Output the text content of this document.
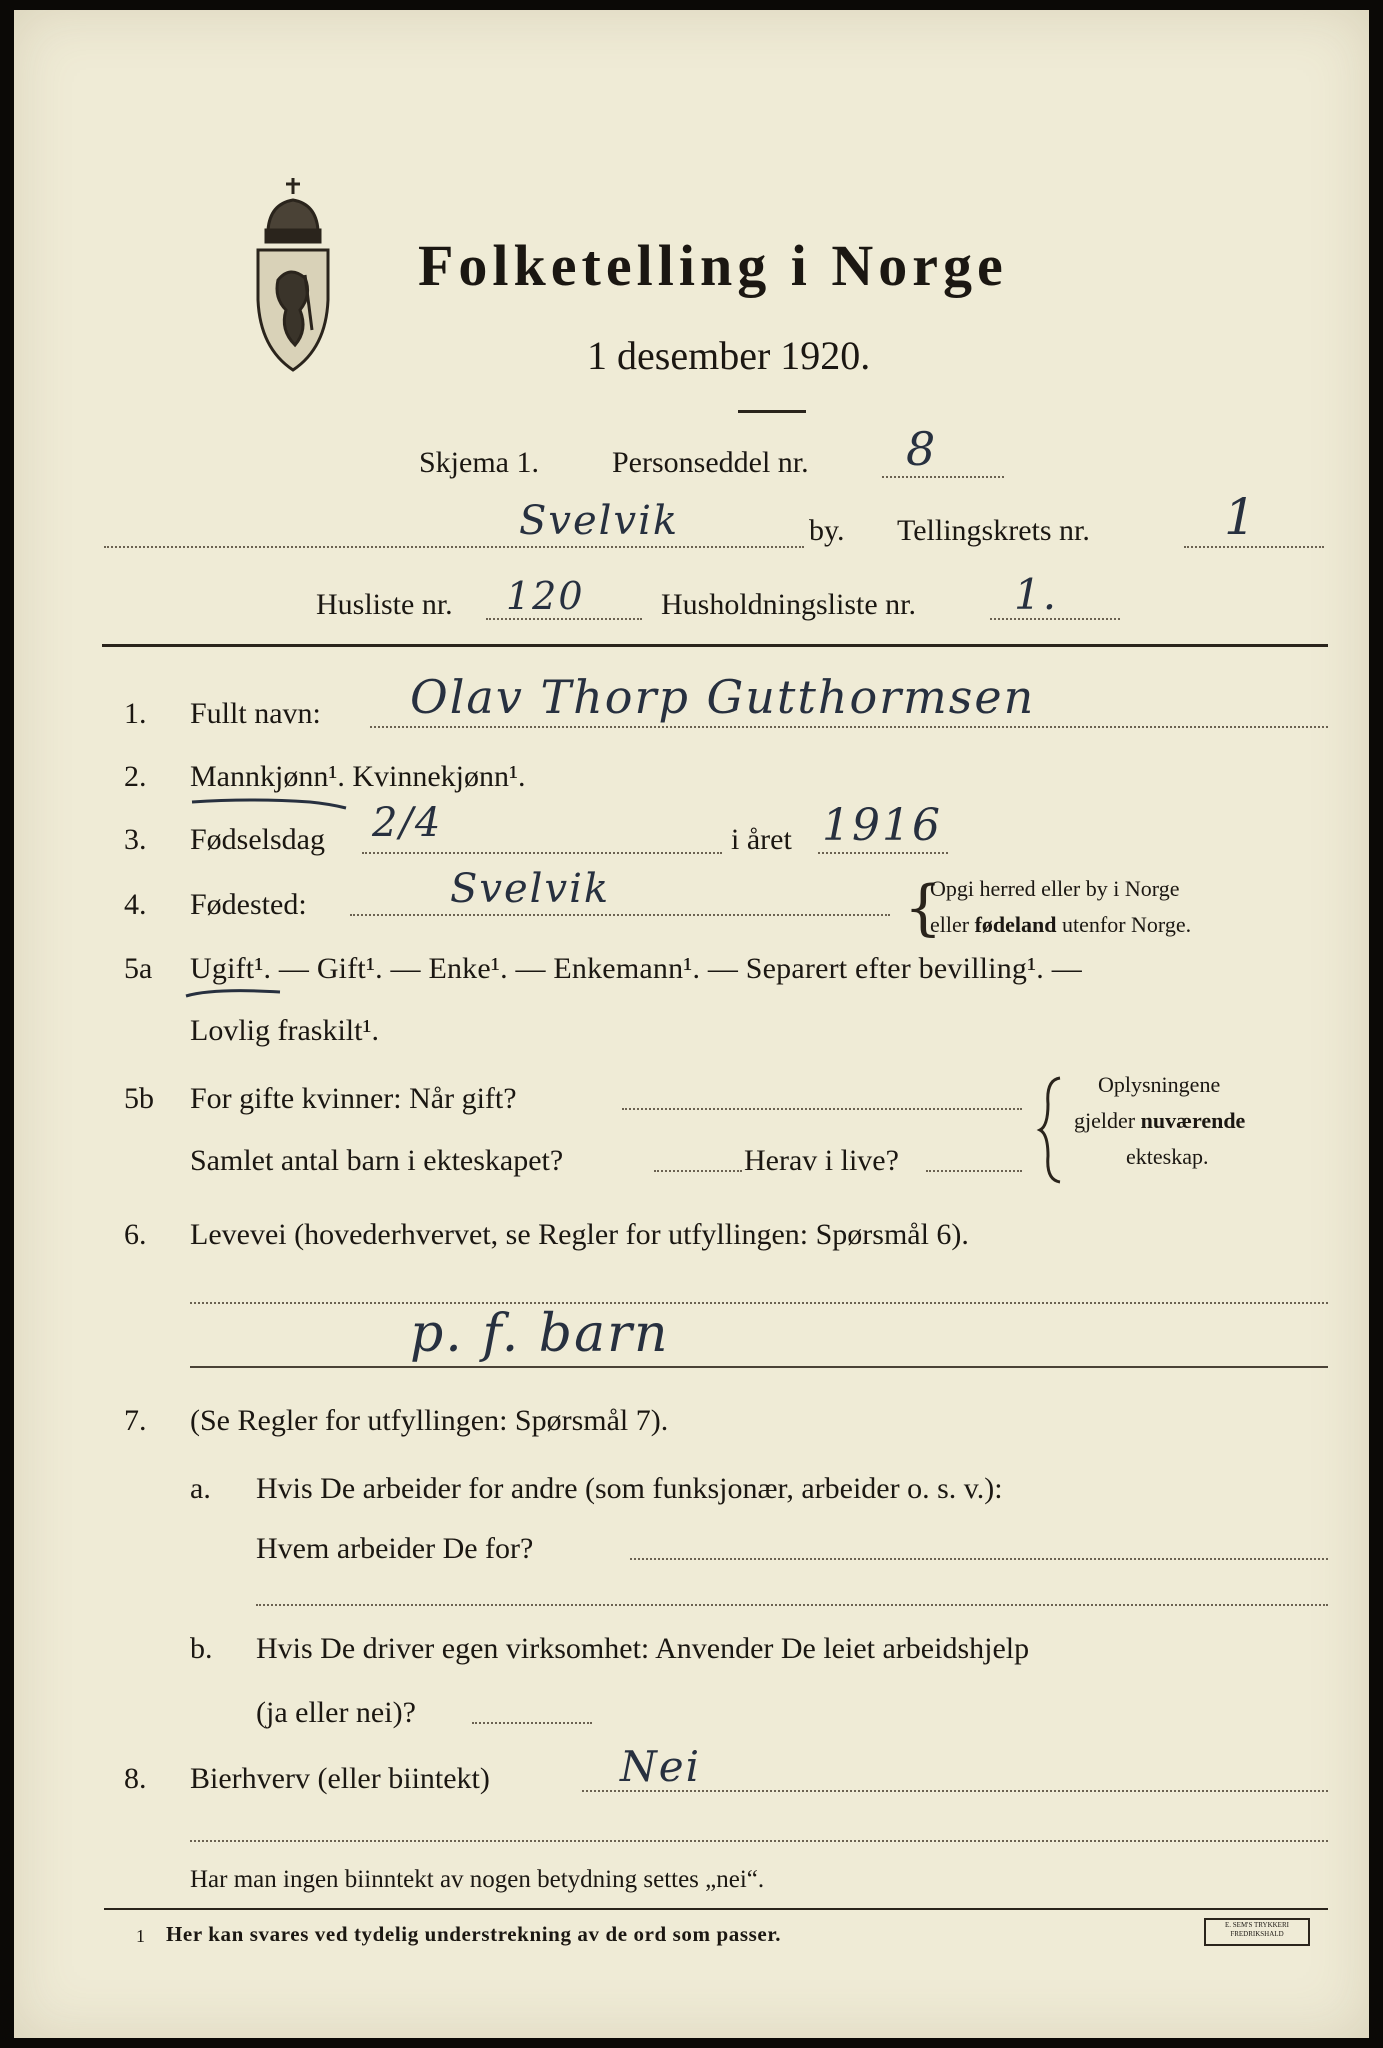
Folketelling i Norge
1 desember 1920.
Skjema 1. Personseddel nr. 8
Svelvik	by. Tellingskrets nr.	1
Husliste nr. 120	Husholdningsliste nr. 1.
1. Fullt navn: Olav Thorp Gutthormsen
2. Mannkjønn¹. Kvinnekjønn¹.
3. Fødselsdag 2/4	i året 1916
4. Fødested:	Svelvik	{
Opgi herred eller by i Norge
eller fødeland utenfor Norge.
5a Ugift¹. — Gift¹. — Enke¹. — Enkemann¹. — Separert efter bevilling¹. —
Lovlig fraskilt¹.
5b For gifte kvinner: Når gift?
Samlet antal barn i ekteskapet?	Herav i live?
Oplysningene
gjelder nuværende
ekteskap.
6. Levevei (hovederhvervet, se Regler for utfyllingen: Spørsmål 6).
p. f. barn
7. (Se Regler for utfyllingen: Spørsmål 7).
a. Hvis De arbeider for andre (som funksjonær, arbeider o. s. v.):
Hvem arbeider De for?
b. Hvis De driver egen virksomhet: Anvender De leiet arbeidshjelp
(ja eller nei)?
8. Bierhverv (eller biintekt)	Nei
Har man ingen biinntekt av nogen betydning settes „nei“.
1 Her kan svares ved tydelig understrekning av de ord som passer.	E. SEM'S TRYKKERI FREDRIKSHALD
